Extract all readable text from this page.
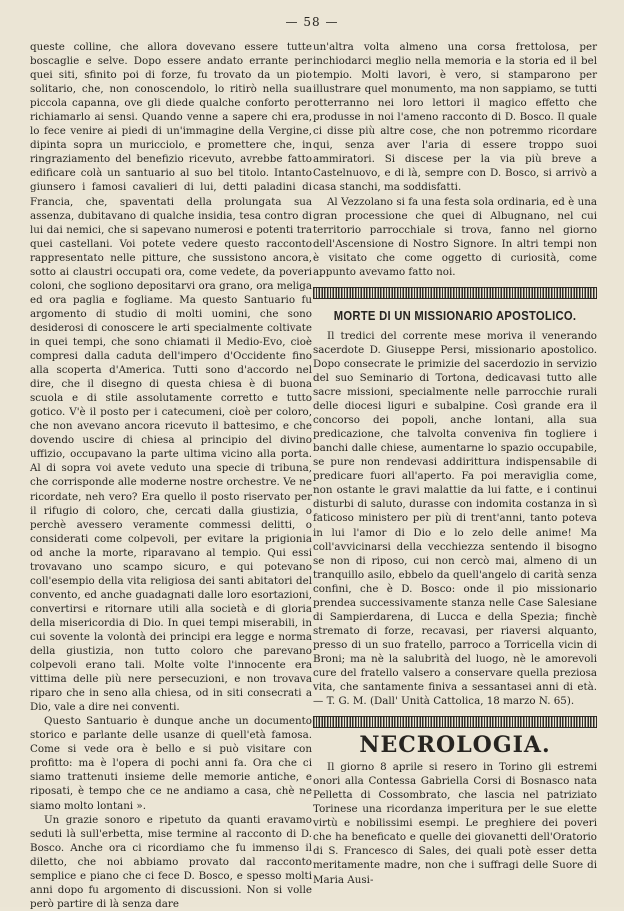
— 58 —

queste colline, che allora dovevano essere tutte boscaglie e selve. Dopo essere andato errante per quei siti, sfinito poi di forze, fu trovato da un pio solitario, che, non conoscendolo, lo ritirò nella sua piccola capanna, ove gli diede qualche conforto per richiamarlo ai sensi. Quando venne a sapere chi era, lo fece venire ai piedi di un'immagine della Vergine, dipinta sopra un muricciolo, e promettere che, in ringraziamento del benefizio ricevuto, avrebbe fatto edificare colà un santuario al suo bel titolo. Intanto giunsero i famosi cavalieri di lui, detti paladini di Francia, che, spaventati della prolungata sua assenza, dubitavano di qualche insidia, tesa contro di lui dai nemici, che si sapevano numerosi e potenti tra quei castellani. Voi potete vedere questo racconto rappresentato nelle pitture, che sussistono ancora, sotto ai claustri occupati ora, come vedete, da poveri coloni, che sogliono depositarvi ora grano, ora meliga ed ora paglia e fogliame. Ma questo Santuario fu argomento di studio di molti uomini, che sono desiderosi di conoscere le arti specialmente coltivate in quei tempi, che sono chiamati il Medio-Evo, cioè compresi dalla caduta dell'impero d'Occidente fino alla scoperta d'America. Tutti sono d'accordo nel dire, che il disegno di questa chiesa è di buona scuola e di stile assolutamente corretto e tutto gotico. V'è il posto per i catecumeni, cioè per coloro, che non avevano ancora ricevuto il battesimo, e che dovendo uscire di chiesa al principio del divino uffizio, occupavano la parte ultima vicino alla porta. Al di sopra voi avete veduto una specie di tribuna, che corrisponde alle moderne nostre orchestre. Ve ne ricordate, neh vero? Era quello il posto riservato per il rifugio di coloro, che, cercati dalla giustizia, o perchè avessero veramente commessi delitti, o considerati come colpevoli, per evitare la prigionia od anche la morte, riparavano al tempio. Qui essi trovavano uno scampo sicuro, e qui potevano coll'esempio della vita religiosa dei santi abitatori del convento, ed anche guadagnati dalle loro esortazioni, convertirsi e ritornare utili alla società e di gloria della misericordia di Dio. In quei tempi miserabili, in cui sovente la volontà dei principi era legge e norma della giustizia, non tutto coloro che parevano colpevoli erano tali. Molte volte l'innocente era vittima delle più nere persecuzioni, e non trovava riparo che in seno alla chiesa, od in siti consecrati a Dio, vale a dire nei conventi.

Questo Santuario è dunque anche un documento storico e parlante delle usanze di quell'età famosa. Come si vede ora è bello e si può visitare con profitto: ma è l'opera di pochi anni fa. Ora che ci siamo trattenuti insieme delle memorie antiche, e riposati, è tempo che ce ne andiamo a casa, chè ne siamo molto lontani ».

Un grazie sonoro e ripetuto da quanti eravamo seduti là sull'erbetta, mise termine al racconto di D. Bosco. Anche ora ci ricordiamo che fu immenso il diletto, che noi abbiamo provato dal racconto semplice e piano che ci fece D. Bosco, e spesso molti anni dopo fu argomento di discussioni. Non si volle però partire di là senza dare

un'altra volta almeno una corsa frettolosa, per inchiodarci meglio nella memoria e la storia ed il bel tempio. Molti lavori, è vero, si stamparono per illustrare quel monumento, ma non sappiamo, se tutti otterranno nei loro lettori il magico effetto che produsse in noi l'ameno racconto di D. Bosco. Il quale ci disse più altre cose, che non potremmo ricordare qui, senza aver l'aria di essere troppo suoi ammiratori. Si discese per la via più breve a Castelnuovo, e di là, sempre con D. Bosco, si arrivò a casa stanchi, ma soddisfatti.

Al Vezzolano si fa una festa sola ordinaria, ed è una gran processione che quei di Albugnano, nel cui territorio parrocchiale si trova, fanno nel giorno dell'Ascensione di Nostro Signore. In altri tempi non è visitato che come oggetto di curiosità, come appunto avevamo fatto noi.

MORTE DI UN MISSIONARIO APOSTOLICO.

Il tredici del corrente mese moriva il venerando sacerdote D. Giuseppe Persi, missionario apostolico. Dopo consecrate le primizie del sacerdozio in servizio del suo Seminario di Tortona, dedicavasi tutto alle sacre missioni, specialmente nelle parrocchie rurali delle diocesi liguri e subalpine. Così grande era il concorso dei popoli, anche lontani, alla sua predicazione, che talvolta conveniva fin togliere i banchi dalle chiese, aumentarne lo spazio occupabile, se pure non rendevasi addirittura indispensabile di predicare fuori all'aperto. Fa poi meraviglia come, non ostante le gravi malattie da lui fatte, e i continui disturbi di saluto, durasse con indomita costanza in sì faticoso ministero per più di trent'anni, tanto poteva in lui l'amor di Dio e lo zelo delle anime! Ma coll'avvicinarsi della vecchiezza sentendo il bisogno se non di riposo, cui non cercò mai, almeno di un tranquillo asilo, ebbelo da quell'angelo di carità senza confini, che è D. Bosco: onde il pio missionario prendea successivamente stanza nelle Case Salesiane di Sampierdarena, di Lucca e della Spezia; finchè stremato di forze, recavasi, per riaversi alquanto, presso di un suo fratello, parroco a Torricella vicin di Broni; ma nè la salubrità del luogo, nè le amorevoli cure del fratello valsero a conservare quella preziosa vita, che santamente finiva a sessantasei anni di età. — T. G. M. (Dall' Unità Cattolica, 18 marzo N. 65).

NECROLOGIA.

Il giorno 8 aprile si resero in Torino gli estremi onori alla Contessa Gabriella Corsi di Bosnasco nata Pelletta di Cossombrato, che lascia nel patriziato Torinese una ricordanza imperitura per le sue elette virtù e nobilissimi esempi. Le preghiere dei poveri che ha beneficato e quelle dei giovanetti dell'Oratorio di S. Francesco di Sales, dei quali potè esser detta meritamente madre, non che i suffragi delle Suore di Maria Ausi-
